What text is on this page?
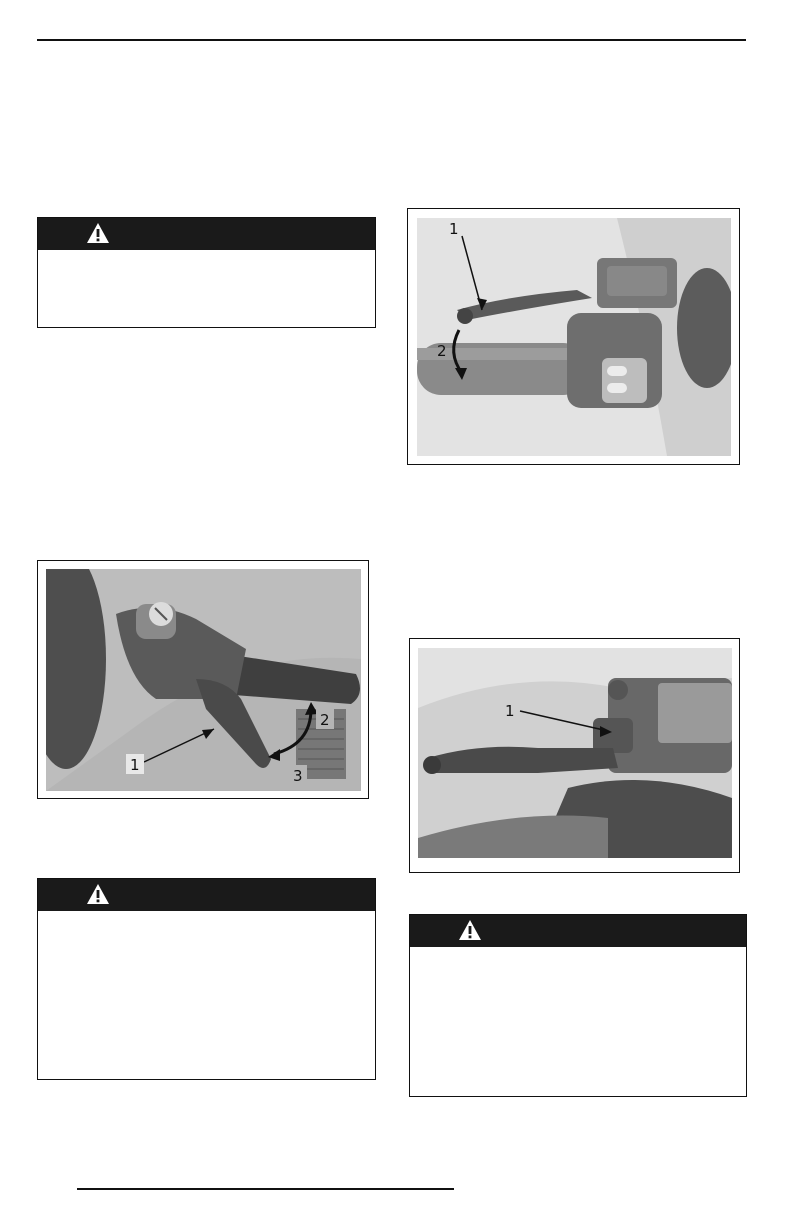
1
2
1
2
3
1
